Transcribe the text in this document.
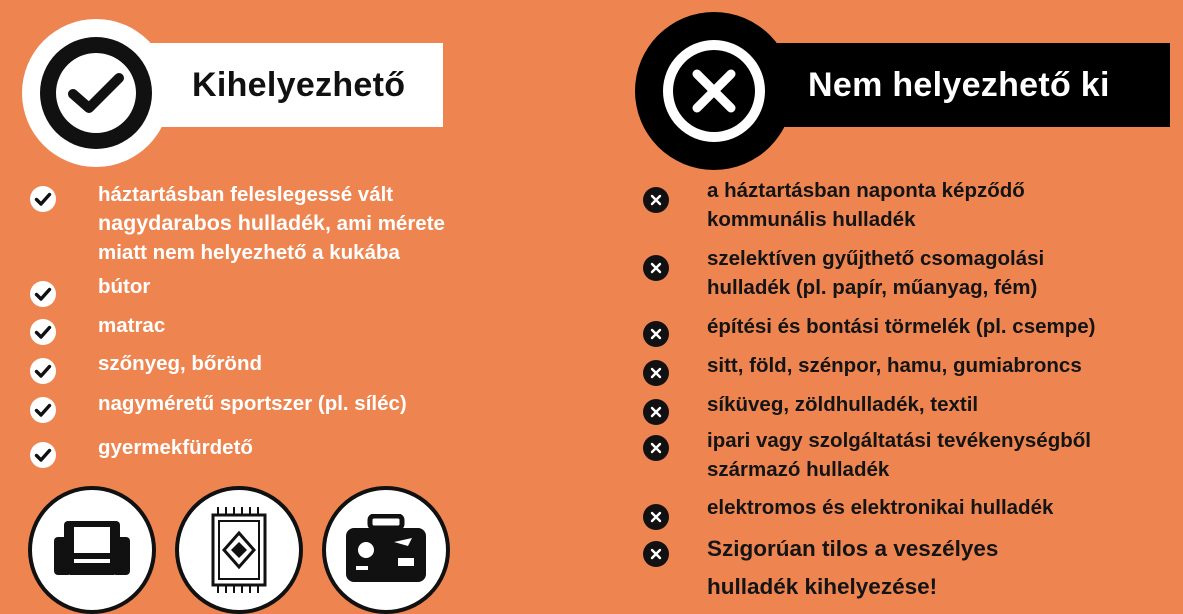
Kihelyezhető	Nem helyezhető ki
háztartásban feleslegessé vált
nagydarabos hulladék, ami mérete
miatt nem helyezhető a kukába
bútor
matrac
szőnyeg, bőrönd
nagyméretű sportszer (pl. síléc)
gyermekfürdető
a háztartásban naponta képződő
kommunális hulladék
szelektíven gyűjthető csomagolási
hulladék (pl. papír, műanyag, fém)
építési és bontási törmelék (pl. csempe)
sitt, föld, szénpor, hamu, gumiabroncs
síküveg, zöldhulladék, textil
ipari vagy szolgáltatási tevékenységből
származó hulladék
elektromos és elektronikai hulladék
Szigorúan tilos a veszélyes
hulladék kihelyezése!
